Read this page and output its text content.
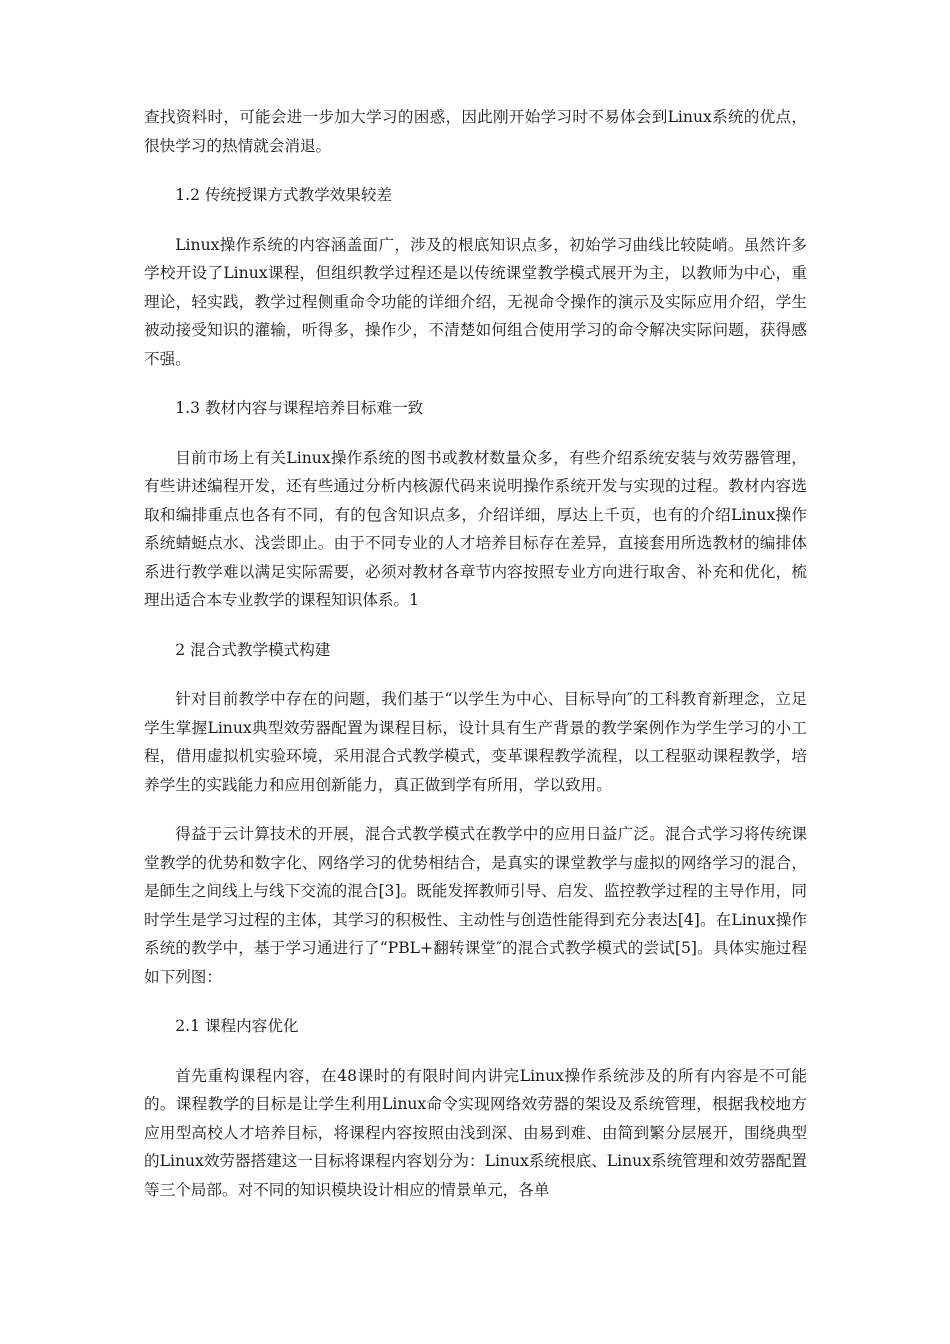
查找资料时，可能会进一步加大学习的困惑，因此刚开始学习时不易体会到Linux系统的优点，很快学习的热情就会消退。

1.2 传统授课方式教学效果较差

Linux操作系统的内容涵盖面广，涉及的根底知识点多，初始学习曲线比较陡峭。虽然许多学校开设了Linux课程，但组织教学过程还是以传统课堂教学模式展开为主，以教师为中心，重理论，轻实践，教学过程侧重命令功能的详细介绍，无视命令操作的演示及实际应用介绍，学生被动接受知识的灌输，听得多，操作少，不清楚如何组合使用学习的命令解决实际问题，获得感不强。

1.3 教材内容与课程培养目标难一致

目前市场上有关Linux操作系统的图书或教材数量众多，有些介绍系统安装与效劳器管理，有些讲述编程开发，还有些通过分析内核源代码来说明操作系统开发与实现的过程。教材内容选取和编排重点也各有不同，有的包含知识点多，介绍详细，厚达上千页，也有的介绍Linux操作系统蜻蜓点水、浅尝即止。由于不同专业的人才培养目标存在差异，直接套用所选教材的编排体系进行教学难以满足实际需要，必须对教材各章节内容按照专业方向进行取舍、补充和优化，梳理出适合本专业教学的课程知识体系。1

2 混合式教学模式构建

针对目前教学中存在的问题，我们基于“以学生为中心、目标导向″的工科教育新理念，立足学生掌握Linux典型效劳器配置为课程目标，设计具有生产背景的教学案例作为学生学习的小工程，借用虚拟机实验环境，采用混合式教学模式，变革课程教学流程，以工程驱动课程教学，培养学生的实践能力和应用创新能力，真正做到学有所用，学以致用。

得益于云计算技术的开展，混合式教学模式在教学中的应用日益广泛。混合式学习将传统课堂教学的优势和数字化、网络学习的优势相结合，是真实的课堂教学与虚拟的网络学习的混合，是師生之间线上与线下交流的混合[3]。既能发挥教师引导、启发、监控教学过程的主导作用，同时学生是学习过程的主体，其学习的积极性、主动性与创造性能得到充分表达[4]。在Linux操作系统的教学中，基于学习通进行了“PBL+翻转课堂″的混合式教学模式的尝试[5]。具体实施过程如下列图：

2.1 课程内容优化

首先重构课程内容，在48课时的有限时间内讲完Linux操作系统涉及的所有内容是不可能的。课程教学的目标是让学生利用Linux命令实现网络效劳器的架设及系统管理，根据我校地方应用型高校人才培养目标，将课程内容按照由浅到深、由易到难、由简到繁分层展开，围绕典型的Linux效劳器搭建这一目标将课程内容划分为：Linux系统根底、Linux系统管理和效劳器配置等三个局部。对不同的知识模块设计相应的情景单元，各单
